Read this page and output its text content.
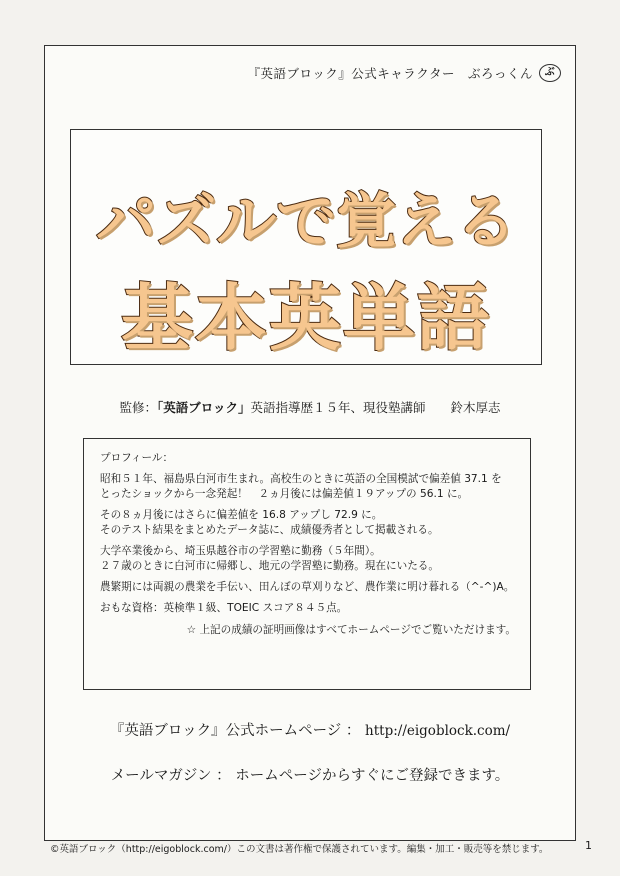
『英語ブロック』公式キャラクター　ぶろっくん	ぶ
パズルで覚える
基本英単語
監修：「英語ブロック」英語指導歴１５年、現役塾講師　　鈴木厚志

プロフィール：

昭和５１年、福島県白河市生まれ。高校生のときに英語の全国模試で偏差値 37.1 を

とったショックから一念発起！　２ヵ月後には偏差値１９アップの 56.1 に。

その８ヵ月後にはさらに偏差値を 16.8 アップし 72.9 に。

そのテスト結果をまとめたデータ誌に、成績優秀者として掲載される。

大学卒業後から、埼玉県越谷市の学習塾に勤務（５年間）。

２７歳のときに白河市に帰郷し、地元の学習塾に勤務。現在にいたる。

農繁期には両親の農業を手伝い、田んぼの草刈りなど、農作業に明け暮れる（^-^)A。

おもな資格：英検準１級、TOEIC スコア８４５点。

☆ 上記の成績の証明画像はすべてホームページでご覧いただけます。

『英語ブロック』公式ホームページ ： http://eigoblock.com/
メールマガジン ： ホームページからすぐにご登録できます。
©英語ブロック（http://eigoblock.com/）この文書は著作権で保護されています。編集・加工・販売等を禁じます。	1
